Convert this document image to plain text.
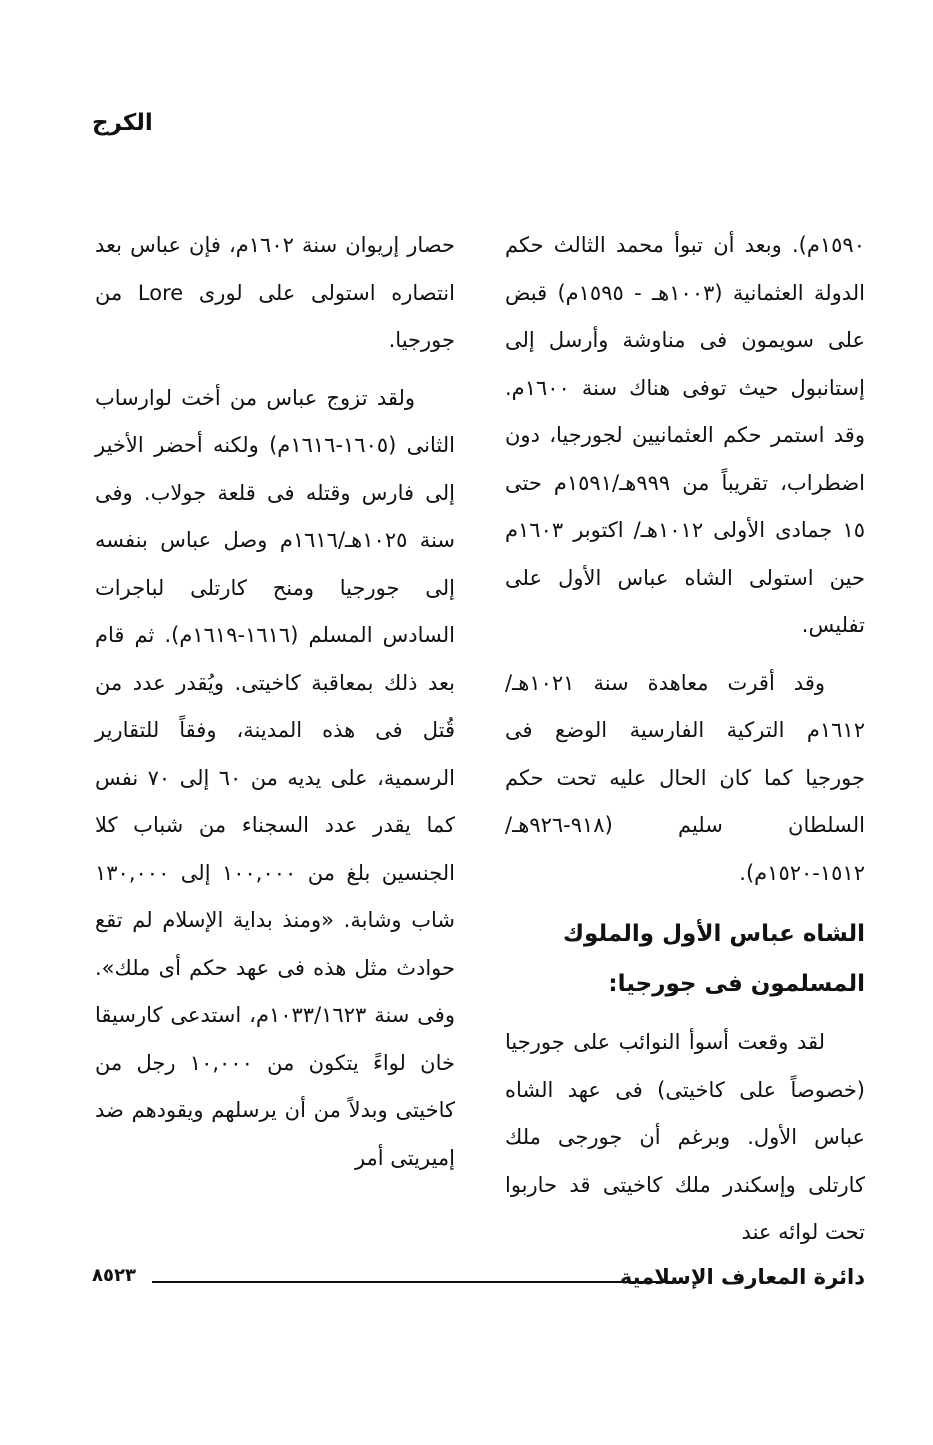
الكرج

١٥٩٠م). وبعد أن تبوأ محمد الثالث حكم الدولة العثمانية (١٠٠٣هـ - ١٥٩٥م) قبض على سويمون فى مناوشة وأرسل إلى إستانبول حيث توفى هناك سنة ١٦٠٠م. وقد استمر حكم العثمانيين لجورجيا، دون اضطراب، تقريباً من ٩٩٩هـ/١٥٩١م حتى ١٥ جمادى الأولى ١٠١٢هـ/ اكتوبر ١٦٠٣م حين استولى الشاه عباس الأول على تفليس.

وقد أقرت معاهدة سنة ١٠٢١هـ/١٦١٢م التركية الفارسية الوضع فى جورجيا كما كان الحال عليه تحت حكم السلطان سليم (٩١٨-٩٢٦هـ/١٥١٢-١٥٢٠م).

الشاه عباس الأول والملوك المسلمون فى جورجيا:

لقد وقعت أسوأ النوائب على جورجيا (خصوصاً على كاخيتى) فى عهد الشاه عباس الأول. وبرغم أن جورجى ملك كارتلى وإسكندر ملك كاخيتى قد حاربوا تحت لوائه عند

حصار إريوان سنة ١٦٠٢م، فإن عباس بعد انتصاره استولى على لورى Lore من جورجيا.

ولقد تزوج عباس من أخت لوارساب الثانى (١٦٠٥-١٦١٦م) ولكنه أحضر الأخير إلى فارس وقتله فى قلعة جولاب. وفى سنة ١٠٢٥هـ/١٦١٦م وصل عباس بنفسه إلى جورجيا ومنح كارتلى لباجرات السادس المسلم (١٦١٦-١٦١٩م). ثم قام بعد ذلك بمعاقبة كاخيتى. ويُقدر عدد من قُتل فى هذه المدينة، وفقاً للتقارير الرسمية، على يديه من ٦٠ إلى ٧٠ نفس كما يقدر عدد السجناء من شباب كلا الجنسين بلغ من ١٠٠,٠٠٠ إلى ١٣٠,٠٠٠ شاب وشابة. «ومنذ بداية الإسلام لم تقع حوادث مثل هذه فى عهد حكم أى ملك». وفى سنة ١٠٣٣/١٦٢٣م، استدعى كارسيقا خان لواءً يتكون من ١٠,٠٠٠ رجل من كاخيتى وبدلاً من أن يرسلهم ويقودهم ضد إميريتى أمر

دائرة المعارف الإسلامية
٨٥٢٣
